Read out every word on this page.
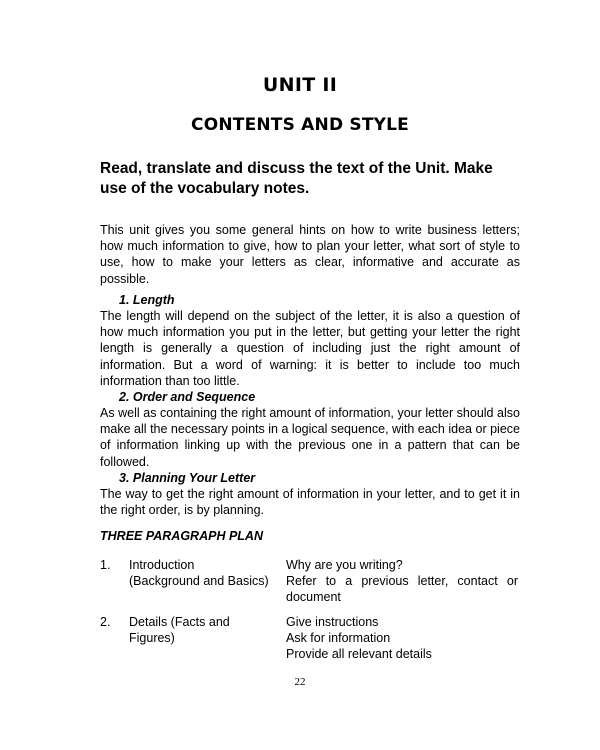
UNIT II
CONTENTS AND STYLE

Read, translate and discuss the text of the Unit. Make use of the vocabulary notes.

This unit gives you some general hints on how to write business letters; how much information to give, how to plan your letter, what sort of style to use, how to make your letters as clear, informative and accurate as possible.

1. Length

The length will depend on the subject of the letter, it is also a question of how much information you put in the letter, but getting your letter the right length is generally a question of including just the right amount of information. But a word of warning: it is better to include too much information than too little.

2. Order and Sequence

As well as containing the right amount of information, your letter should also make all the necessary points in a logical sequence, with each idea or piece of information linking up with the previous one in a pattern that can be followed.

3. Planning Your Letter

The way to get the right amount of information in your letter, and to get it in the right order, is by planning.

THREE PARAGRAPH PLAN

1.	Introduction
(Background and Basics)
Why are you writing?
Refer to a previous letter, contact or
document
2.	Details (Facts and
Figures)
Give instructions
Ask for information
Provide all relevant details

22
